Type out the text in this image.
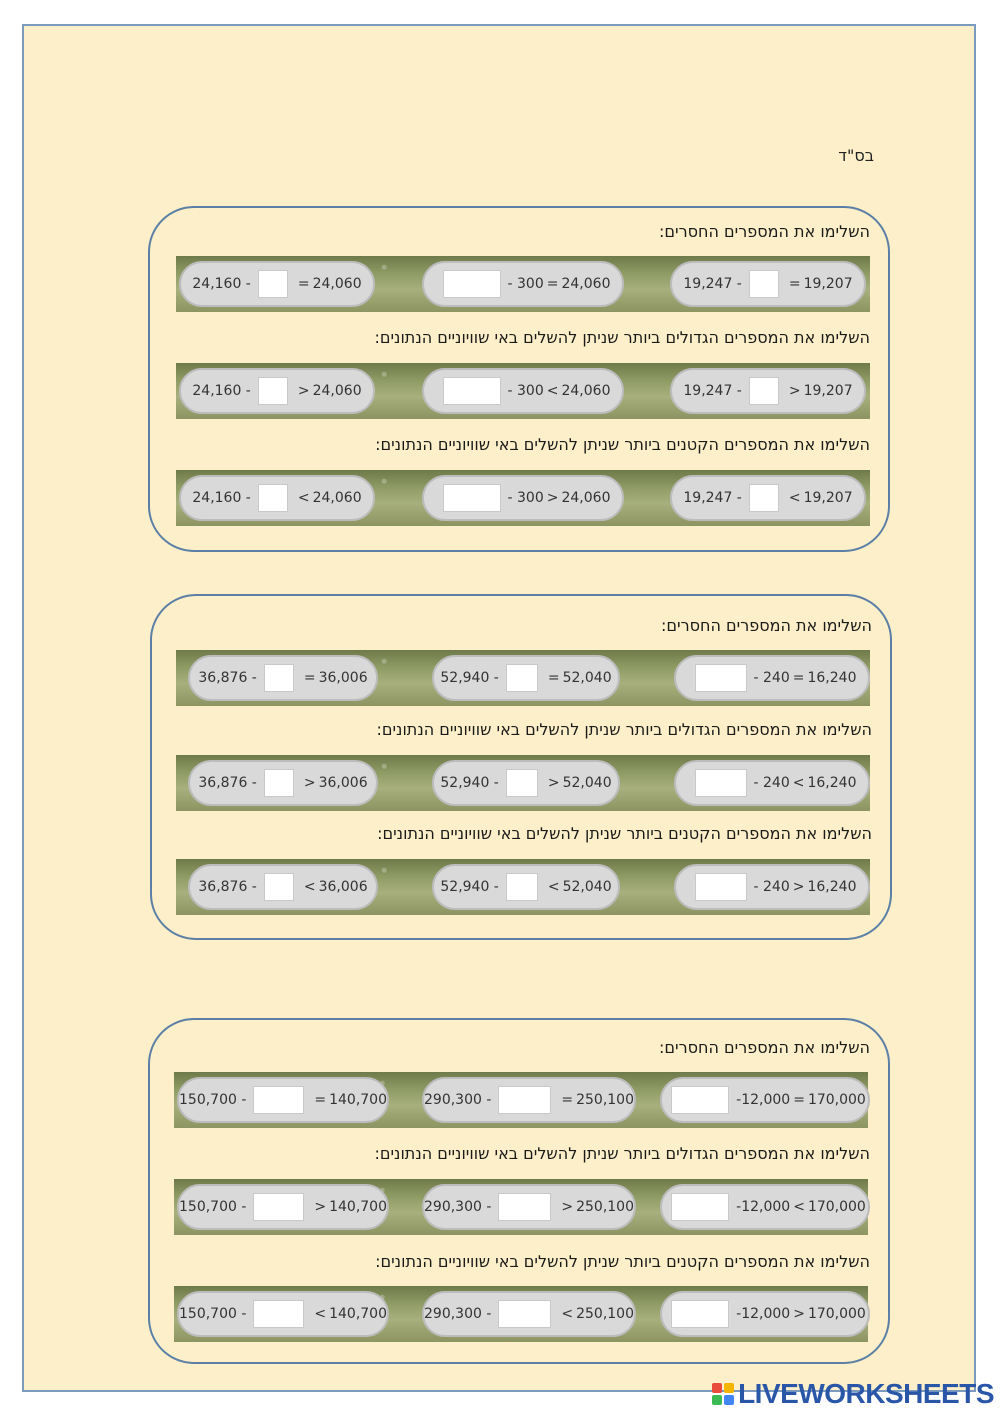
בס"ד
השלימו את המספרים החסרים:
24,160 -	= 24,060	- 300 = 24,060	19,247 -	= 19,207
השלימו את המספרים הגדולים ביותר שניתן להשלים באי שוויוניים הנתונים:
24,160 -	> 24,060	- 300 < 24,060	19,247 -	> 19,207
השלימו את המספרים הקטנים ביותר שניתן להשלים באי שוויוניים הנתונים:
24,160 -	< 24,060	- 300 > 24,060	19,247 -	< 19,207
השלימו את המספרים החסרים:
36,876 -	= 36,006	52,940 -	= 52,040	- 240 = 16,240
השלימו את המספרים הגדולים ביותר שניתן להשלים באי שוויוניים הנתונים:
36,876 -	> 36,006	52,940 -	> 52,040	- 240 < 16,240
השלימו את המספרים הקטנים ביותר שניתן להשלים באי שוויוניים הנתונים:
36,876 -	< 36,006	52,940 -	< 52,040	- 240 > 16,240
השלימו את המספרים החסרים:
150,700 -	= 140,700	290,300 -	= 250,100	-12,000 = 170,000
השלימו את המספרים הגדולים ביותר שניתן להשלים באי שוויוניים הנתונים:
150,700 -	> 140,700	290,300 -	> 250,100	-12,000 < 170,000
השלימו את המספרים הקטנים ביותר שניתן להשלים באי שוויוניים הנתונים:
150,700 -	< 140,700	290,300 -	< 250,100	-12,000 > 170,000
LIVEWORKSHEETS
